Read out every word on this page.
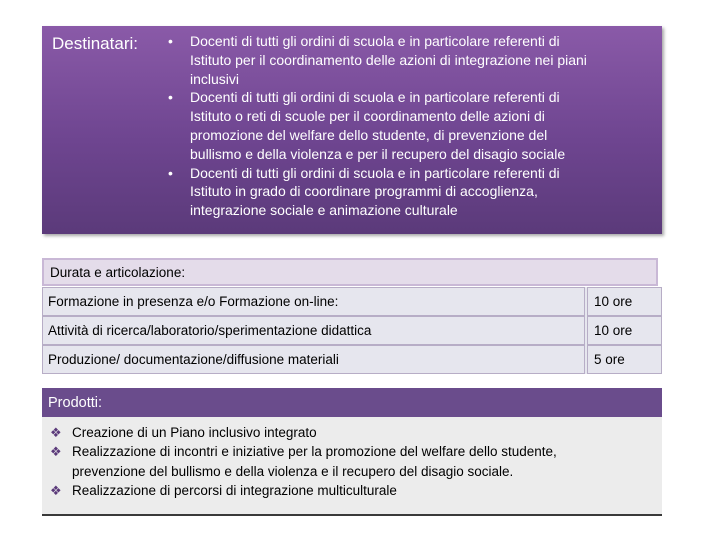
Destinatari: • Docenti di tutti gli ordini di scuola e in particolare referenti di
Istituto per il coordinamento delle azioni di integrazione nei piani
inclusivi
• Docenti di tutti gli ordini di scuola e in particolare referenti di
Istituto o reti di scuole per il coordinamento delle azioni di
promozione del welfare dello studente, di prevenzione del
bullismo e della violenza e per il recupero del disagio sociale
• Docenti di tutti gli ordini di scuola e in particolare referenti di
Istituto in grado di coordinare programmi di accoglienza,
integrazione sociale e animazione culturale
Durata e articolazione:
Formazione in presenza e/o Formazione on-line:	10 ore
Attività di ricerca/laboratorio/sperimentazione didattica	10 ore
Produzione/ documentazione/diffusione materiali	5 ore
Prodotti:
❖ Creazione di un Piano inclusivo integrato
❖ Realizzazione di incontri e iniziative per la promozione del welfare dello studente,
prevenzione del bullismo e della violenza e il recupero del disagio sociale.
❖ Realizzazione di percorsi di integrazione multiculturale
